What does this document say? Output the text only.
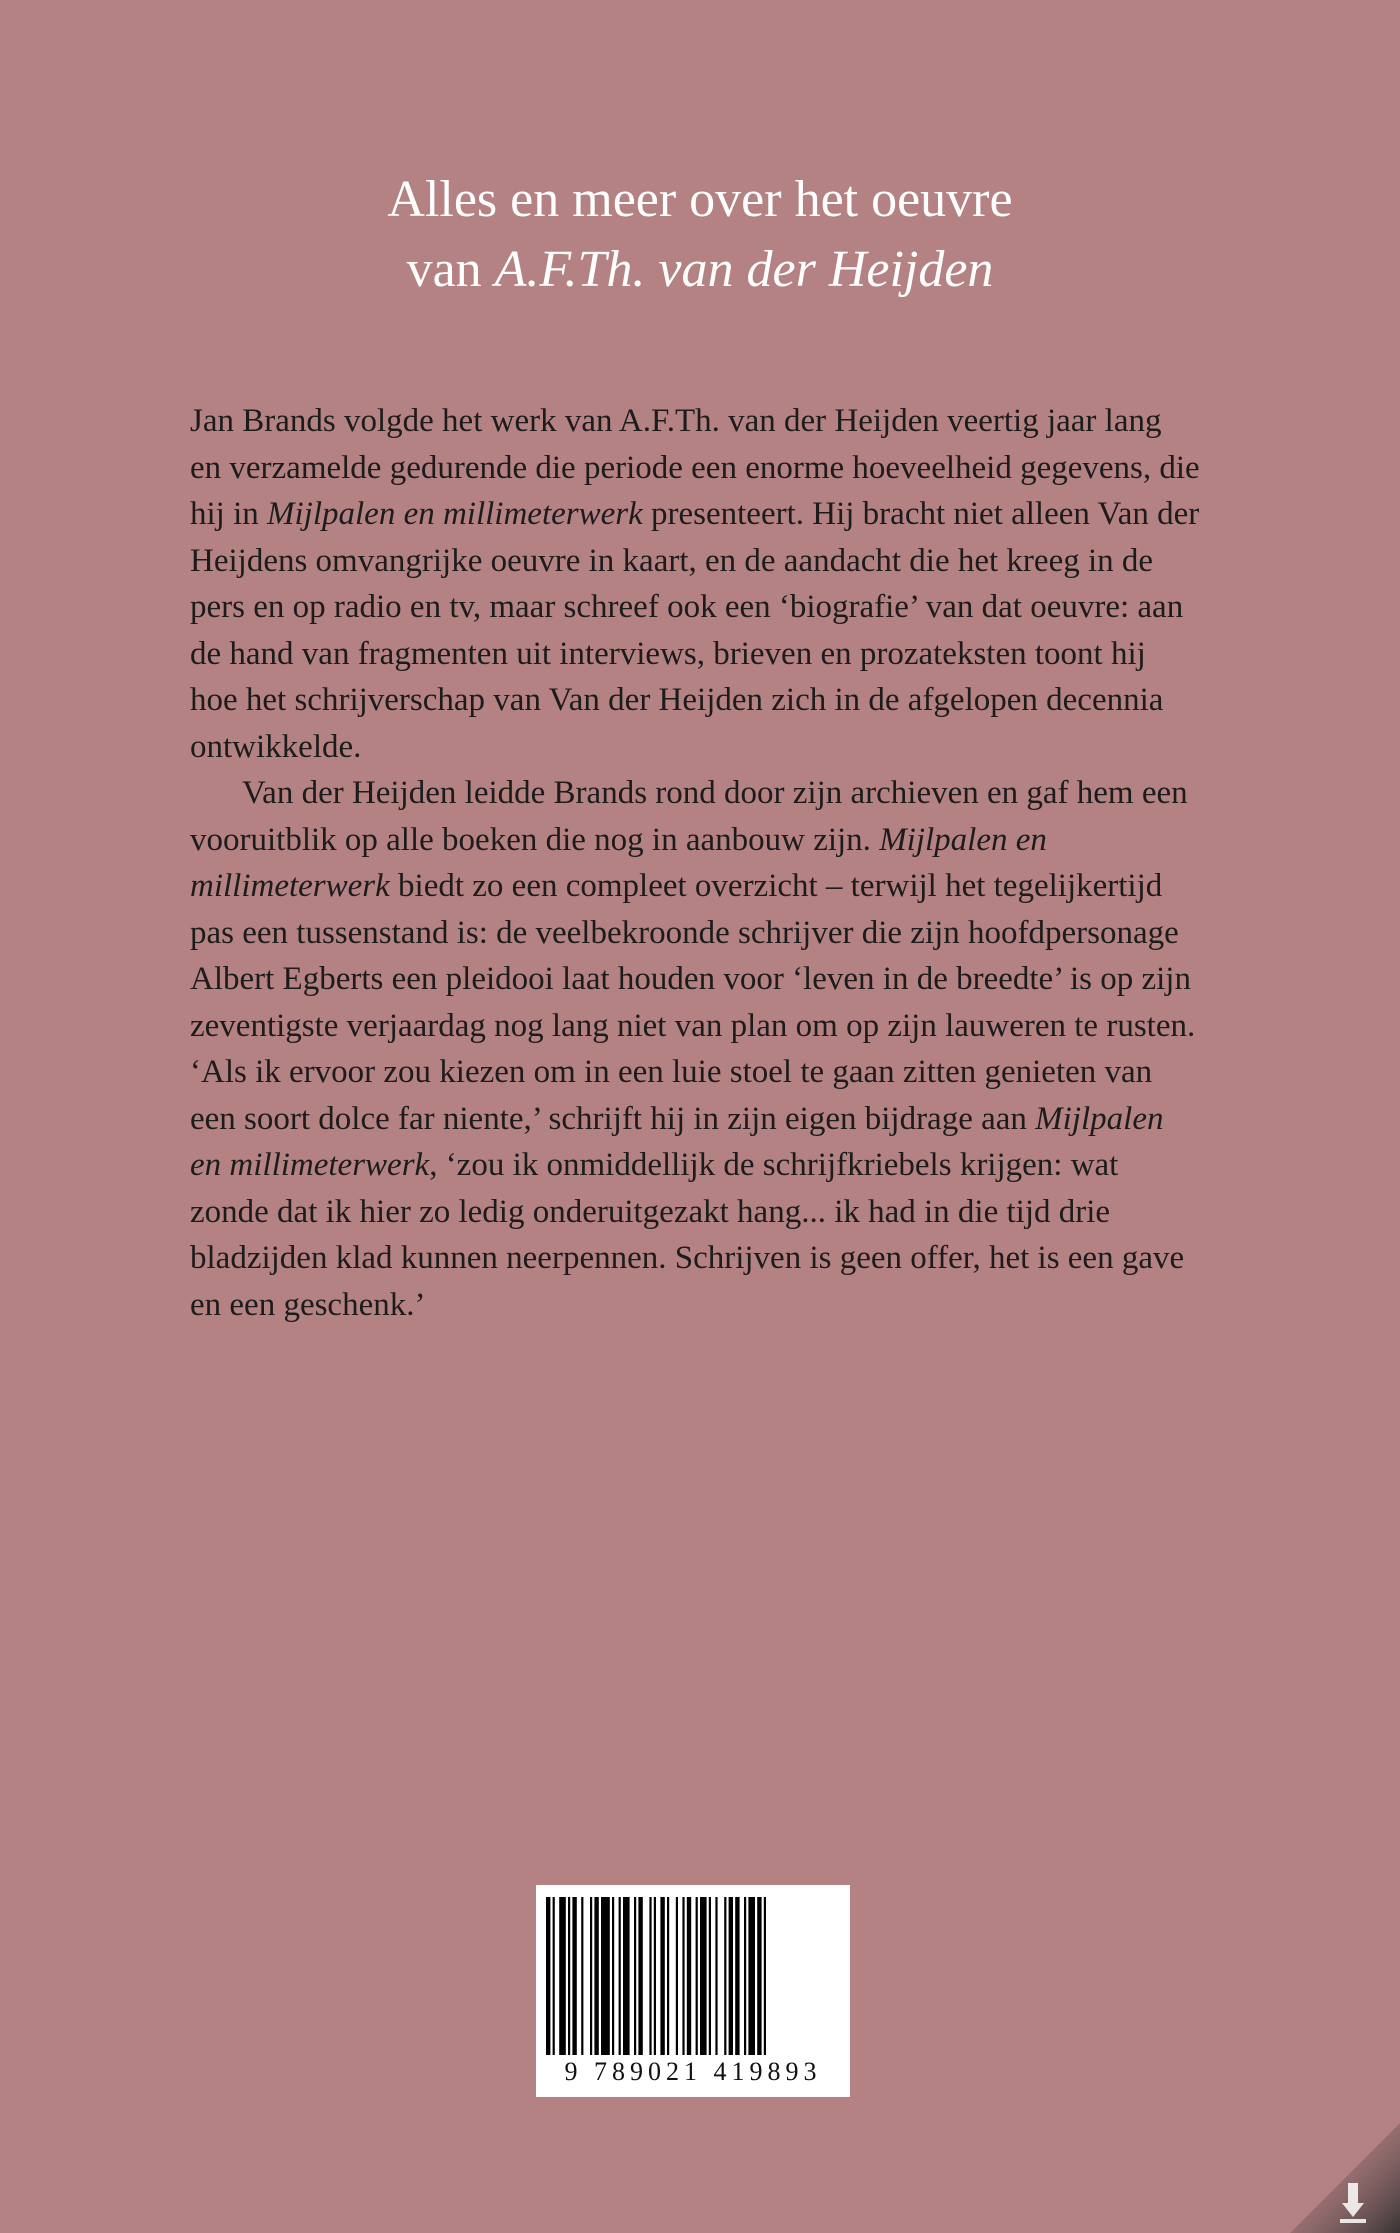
Alles en meer over het oeuvre
van A.F.Th. van der Heijden

Jan Brands volgde het werk van A.F.Th. van der Heijden veertig jaar lang en verzamelde gedurende die periode een enorme hoeveelheid gegevens, die hij in Mijlpalen en millimeterwerk presenteert. Hij bracht niet alleen Van der Heijdens omvangrijke oeuvre in kaart, en de aandacht die het kreeg in de pers en op radio en tv, maar schreef ook een ‘biografie’ van dat oeuvre: aan de hand van fragmenten uit interviews, brieven en prozateksten toont hij hoe het schrijverschap van Van der Heijden zich in de afgelopen decennia ontwikkelde.

Van der Heijden leidde Brands rond door zijn archieven en gaf hem een vooruitblik op alle boeken die nog in aanbouw zijn. Mijlpalen en millimeterwerk biedt zo een compleet overzicht – terwijl het tegelijkertijd pas een tussenstand is: de veelbekroonde schrijver die zijn hoofdpersonage Albert Egberts een pleidooi laat houden voor ‘leven in de breedte’ is op zijn zeventigste verjaardag nog lang niet van plan om op zijn lauweren te rusten. ‘Als ik ervoor zou kiezen om in een luie stoel te gaan zitten genieten van een soort dolce far niente,’ schrijft hij in zijn eigen bijdrage aan Mijlpalen en millimeterwerk, ‘zou ik onmiddellijk de schrijfkriebels krijgen: wat zonde dat ik hier zo ledig onderuitgezakt hang... ik had in die tijd drie bladzijden klad kunnen neerpennen. Schrijven is geen offer, het is een gave en een geschenk.’

9 789021 419893
